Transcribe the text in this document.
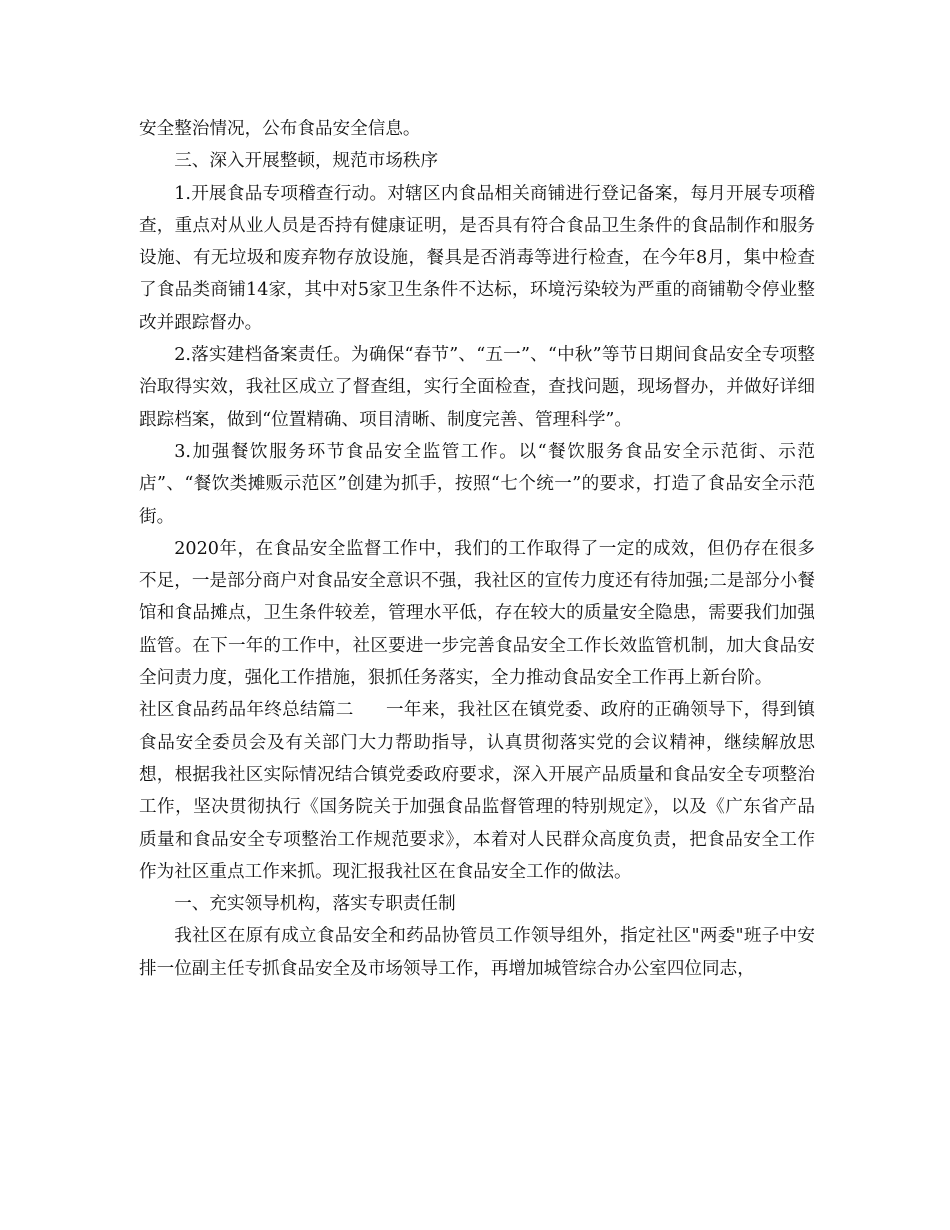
安全整治情况，公布食品安全信息。

三、深入开展整顿，规范市场秩序

1.开展食品专项稽查行动。对辖区内食品相关商铺进行登记备案，每月开展专项稽查，重点对从业人员是否持有健康证明，是否具有符合食品卫生条件的食品制作和服务设施、有无垃圾和废弃物存放设施，餐具是否消毒等进行检查，在今年8月，集中检查了食品类商铺14家，其中对5家卫生条件不达标，环境污染较为严重的商铺勒令停业整改并跟踪督办。

2.落实建档备案责任。为确保“春节”、“五一”、“中秋”等节日期间食品安全专项整治取得实效，我社区成立了督查组，实行全面检查，查找问题，现场督办，并做好详细跟踪档案，做到“位置精确、项目清晰、制度完善、管理科学”。

3.加强餐饮服务环节食品安全监管工作。以“餐饮服务食品安全示范街、示范店”、“餐饮类摊贩示范区”创建为抓手，按照“七个统一”的要求，打造了食品安全示范街。

2020年，在食品安全监督工作中，我们的工作取得了一定的成效，但仍存在很多不足，一是部分商户对食品安全意识不强，我社区的宣传力度还有待加强;二是部分小餐馆和食品摊点，卫生条件较差，管理水平低，存在较大的质量安全隐患，需要我们加强监管。在下一年的工作中，社区要进一步完善食品安全工作长效监管机制，加大食品安全问责力度，强化工作措施，狠抓任务落实，全力推动食品安全工作再上新台阶。

社区食品药品年终总结篇二 一年来，我社区在镇党委、政府的正确领导下，得到镇食品安全委员会及有关部门大力帮助指导，认真贯彻落实党的会议精神，继续解放思想，根据我社区实际情况结合镇党委政府要求，深入开展产品质量和食品安全专项整治工作，坚决贯彻执行《国务院关于加强食品监督管理的特别规定》，以及《广东省产品质量和食品安全专项整治工作规范要求》，本着对人民群众高度负责，把食品安全工作作为社区重点工作来抓。现汇报我社区在食品安全工作的做法。

一、充实领导机构，落实专职责任制

我社区在原有成立食品安全和药品协管员工作领导组外，指定社区"两委"班子中安排一位副主任专抓食品安全及市场领导工作，再增加城管综合办公室四位同志，
